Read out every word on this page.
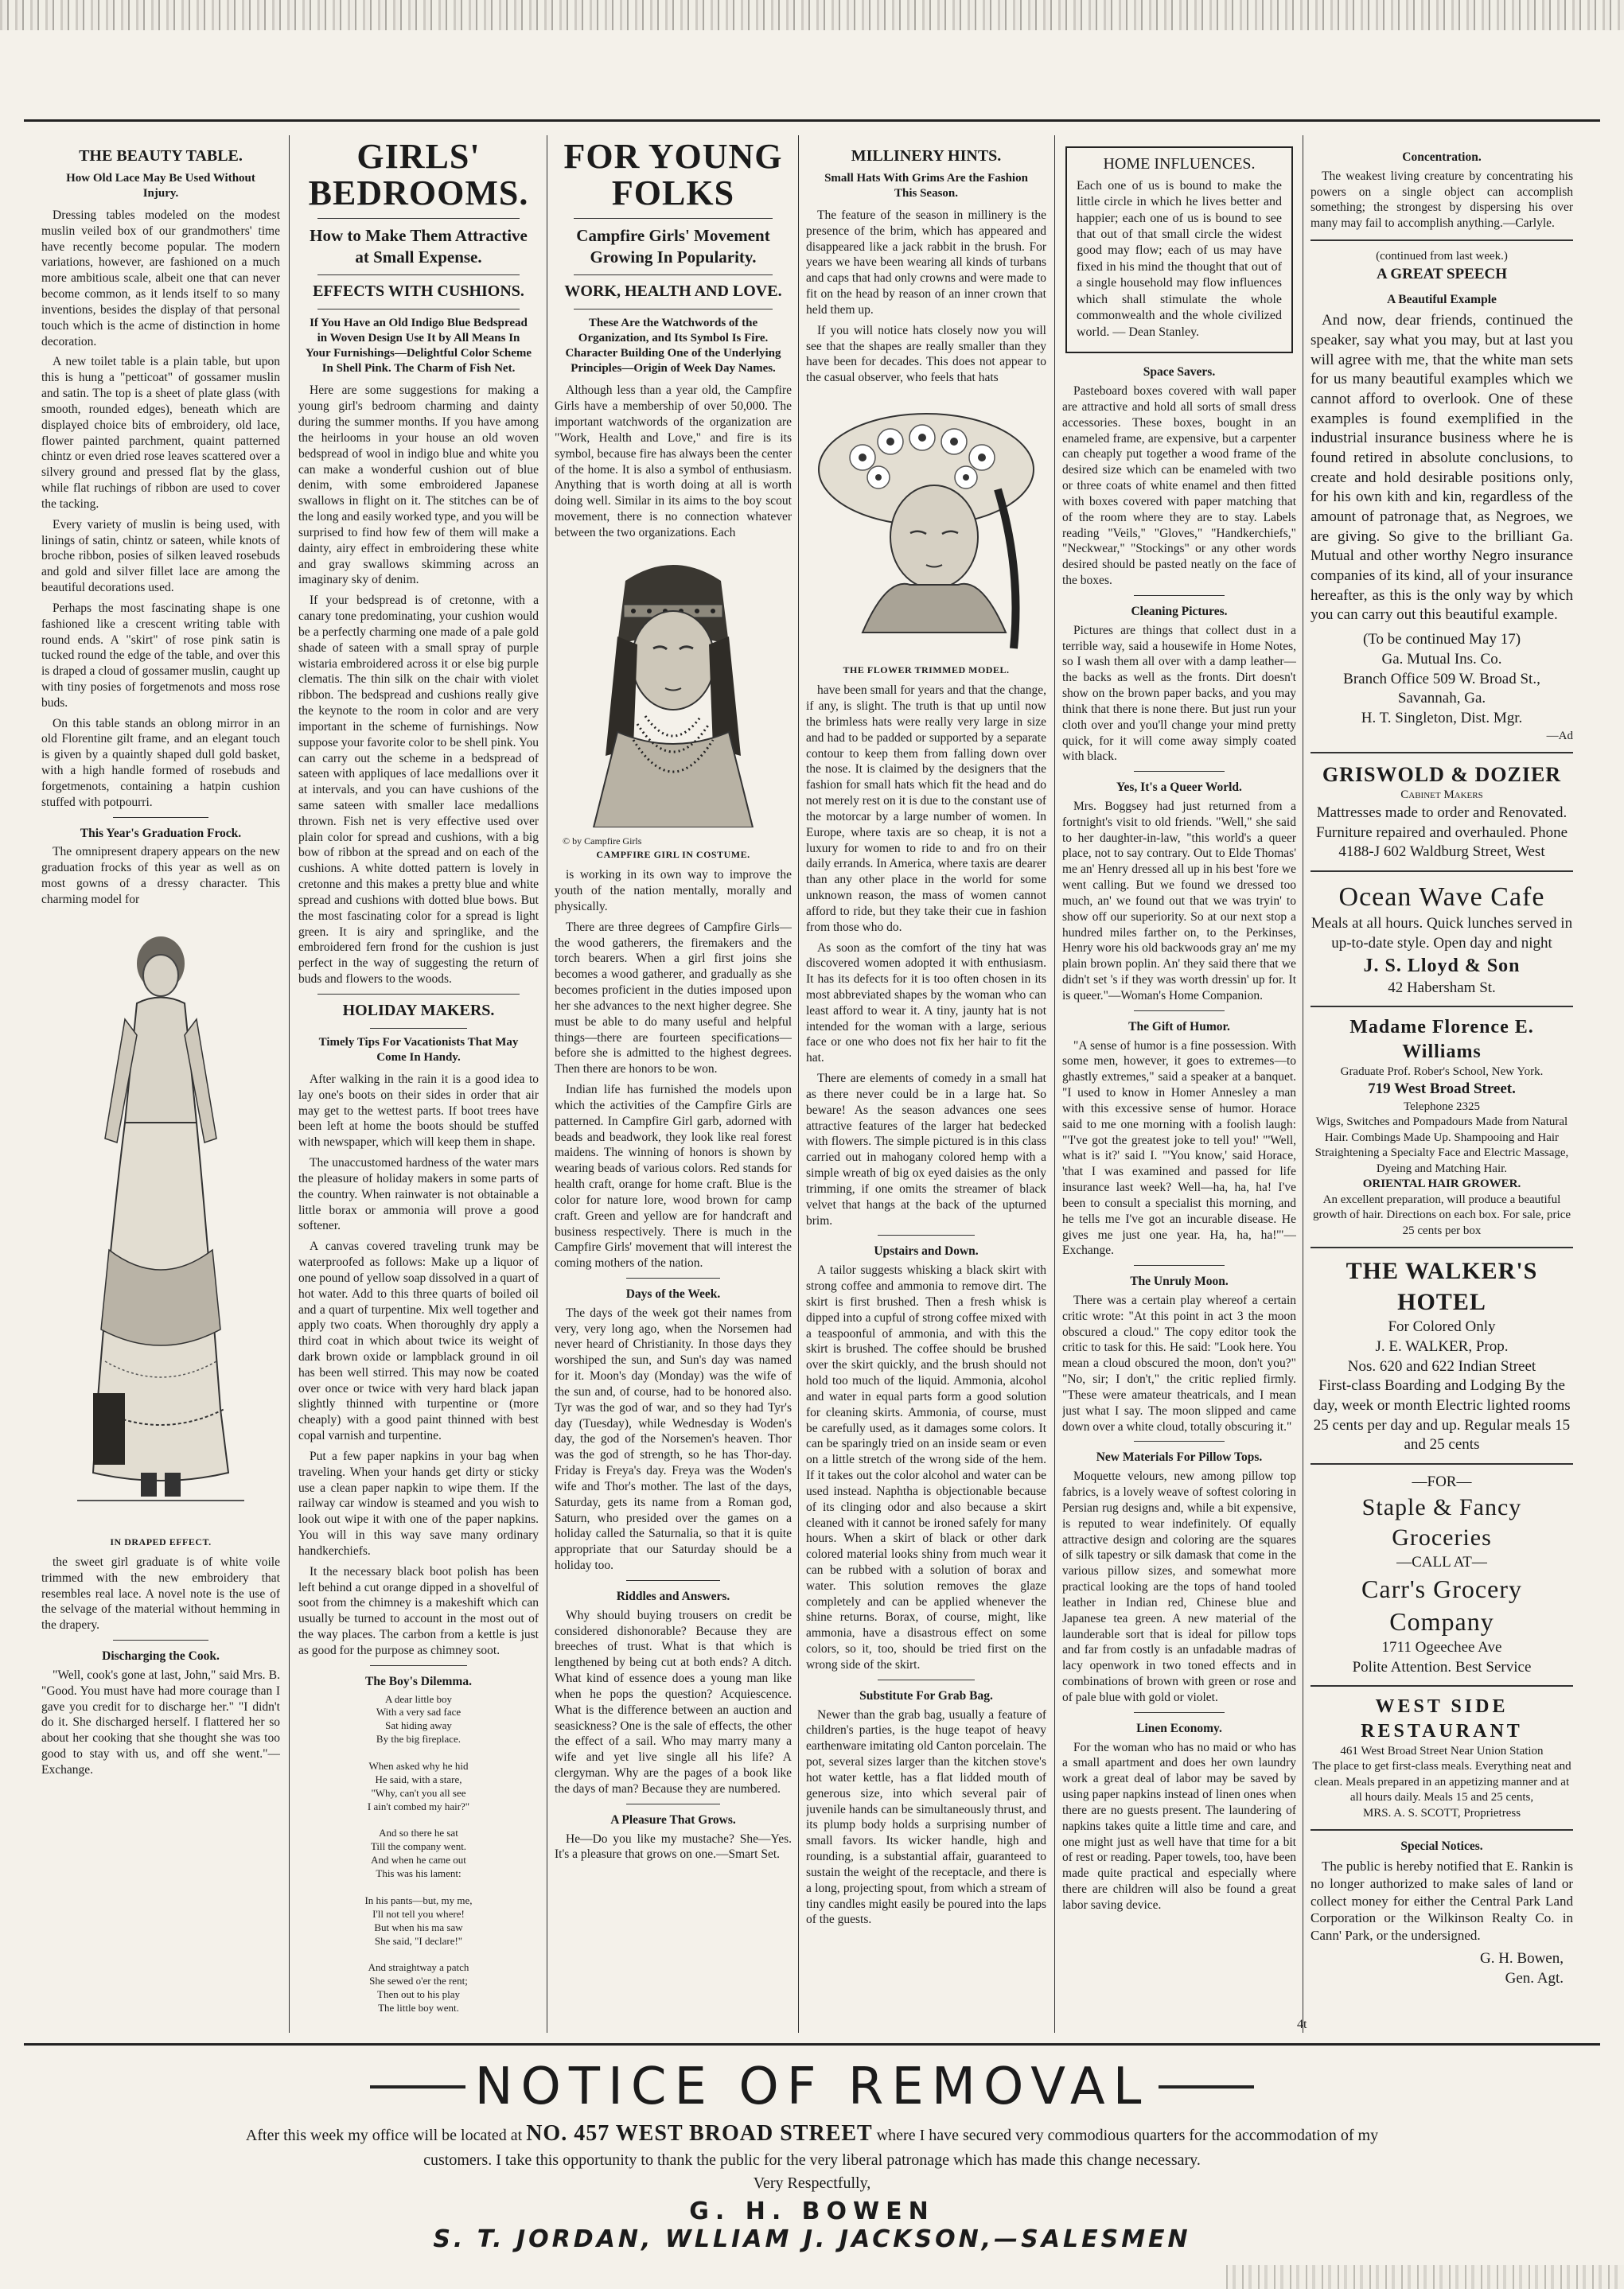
THE BEAUTY TABLE.
How Old Lace May Be Used Without Injury.

Dressing tables modeled on the modest muslin veiled box of our grandmothers' time have recently become popular. The modern variations, however, are fashioned on a much more ambitious scale, albeit one that can never become common, as it lends itself to so many inventions, besides the display of that personal touch which is the acme of distinction in home decoration.

A new toilet table is a plain table, but upon this is hung a "petticoat" of gossamer muslin and satin. The top is a sheet of plate glass (with smooth, rounded edges), beneath which are displayed choice bits of embroidery, old lace, flower painted parchment, quaint patterned chintz or even dried rose leaves scattered over a silvery ground and pressed flat by the glass, while flat ruchings of ribbon are used to cover the tacking.

Every variety of muslin is being used, with linings of satin, chintz or sateen, while knots of broche ribbon, posies of silken leaved rosebuds and gold and silver fillet lace are among the beautiful decorations used.

Perhaps the most fascinating shape is one fashioned like a crescent writing table with round ends. A "skirt" of rose pink satin is tucked round the edge of the table, and over this is draped a cloud of gossamer muslin, caught up with tiny posies of forgetmenots and moss rose buds.

On this table stands an oblong mirror in an old Florentine gilt frame, and an elegant touch is given by a quaintly shaped dull gold basket, with a high handle formed of rosebuds and forgetmenots, containing a hatpin cushion stuffed with potpourri.

This Year's Graduation Frock.

The omnipresent drapery appears on the new graduation frocks of this year as well as on most gowns of a dressy character. This charming model for

IN DRAPED EFFECT.

the sweet girl graduate is of white voile trimmed with the new embroidery that resembles real lace. A novel note is the use of the selvage of the material without hemming in the drapery.

Discharging the Cook.

"Well, cook's gone at last, John," said Mrs. B. "Good. You must have had more courage than I gave you credit for to discharge her." "I didn't do it. She discharged herself. I flattered her so about her cooking that she thought she was too good to stay with us, and off she went."—Exchange.

GIRLS' BEDROOMS.
How to Make Them Attractive at Small Expense.
EFFECTS WITH CUSHIONS.
If You Have an Old Indigo Blue Bedspread in Woven Design Use It by All Means In Your Furnishings—Delightful Color Scheme In Shell Pink. The Charm of Fish Net.

Here are some suggestions for making a young girl's bedroom charming and dainty during the summer months. If you have among the heirlooms in your house an old woven bedspread of wool in indigo blue and white you can make a wonderful cushion out of blue denim, with some embroidered Japanese swallows in flight on it. The stitches can be of the long and easily worked type, and you will be surprised to find how few of them will make a dainty, airy effect in embroidering these white and gray swallows skimming across an imaginary sky of denim.

If your bedspread is of cretonne, with a canary tone predominating, your cushion would be a perfectly charming one made of a pale gold shade of sateen with a small spray of purple wistaria embroidered across it or else big purple clematis. The thin silk on the chair with violet ribbon. The bedspread and cushions really give the keynote to the room in color and are very important in the scheme of furnishings. Now suppose your favorite color to be shell pink. You can carry out the scheme in a bedspread of sateen with appliques of lace medallions over it at intervals, and you can have cushions of the same sateen with smaller lace medallions thrown. Fish net is very effective used over plain color for spread and cushions, with a big bow of ribbon at the spread and on each of the cushions. A white dotted pattern is lovely in cretonne and this makes a pretty blue and white spread and cushions with dotted blue bows. But the most fascinating color for a spread is light green. It is airy and springlike, and the embroidered fern frond for the cushion is just perfect in the way of suggesting the return of buds and flowers to the woods.

HOLIDAY MAKERS.
Timely Tips For Vacationists That May Come In Handy.

After walking in the rain it is a good idea to lay one's boots on their sides in order that air may get to the wettest parts. If boot trees have been left at home the boots should be stuffed with newspaper, which will keep them in shape.

The unaccustomed hardness of the water mars the pleasure of holiday makers in some parts of the country. When rainwater is not obtainable a little borax or ammonia will prove a good softener.

A canvas covered traveling trunk may be waterproofed as follows: Make up a liquor of one pound of yellow soap dissolved in a quart of hot water. Add to this three quarts of boiled oil and a quart of turpentine. Mix well together and apply two coats. When thoroughly dry apply a third coat in which about twice its weight of dark brown oxide or lampblack ground in oil has been well stirred. This may now be coated over once or twice with very hard black japan slightly thinned with turpentine or (more cheaply) with a good paint thinned with best copal varnish and turpentine.

Put a few paper napkins in your bag when traveling. When your hands get dirty or sticky use a clean paper napkin to wipe them. If the railway car window is steamed and you wish to look out wipe it with one of the paper napkins. You will in this way save many ordinary handkerchiefs.

It the necessary black boot polish has been left behind a cut orange dipped in a shovelful of soot from the chimney is a makeshift which can usually be turned to account in the most out of the way places. The carbon from a kettle is just as good for the purpose as chimney soot.

The Boy's Dilemma.
A dear little boy
With a very sad face
Sat hiding away
By the big fireplace.

When asked why he hid
He said, with a stare,
"Why, can't you all see
I ain't combed my hair?"

And so there he sat
Till the company went.
And when he came out
This was his lament:

In his pants—but, my me,
I'll not tell you where!
But when his ma saw
She said, "I declare!"

And straightway a patch
She sewed o'er the rent;
Then out to his play
The little boy went.
FOR YOUNG FOLKS
Campfire Girls' Movement Growing In Popularity.
WORK, HEALTH AND LOVE.
These Are the Watchwords of the Organization, and Its Symbol Is Fire. Character Building One of the Underlying Principles—Origin of Week Day Names.

Although less than a year old, the Campfire Girls have a membership of over 50,000. The important watchwords of the organization are "Work, Health and Love," and fire is its symbol, because fire has always been the center of the home. It is also a symbol of enthusiasm. Anything that is worth doing at all is worth doing well. Similar in its aims to the boy scout movement, there is no connection whatever between the two organizations. Each

© by Campfire Girls
CAMPFIRE GIRL IN COSTUME.

is working in its own way to improve the youth of the nation mentally, morally and physically.

There are three degrees of Campfire Girls—the wood gatherers, the firemakers and the torch bearers. When a girl first joins she becomes a wood gatherer, and gradually as she becomes proficient in the duties imposed upon her she advances to the next higher degree. She must be able to do many useful and helpful things—there are fourteen specifications—before she is admitted to the highest degrees. Then there are honors to be won.

Indian life has furnished the models upon which the activities of the Campfire Girls are patterned. In Campfire Girl garb, adorned with beads and beadwork, they look like real forest maidens. The winning of honors is shown by wearing beads of various colors. Red stands for health craft, orange for home craft. Blue is the color for nature lore, wood brown for camp craft. Green and yellow are for handcraft and business respectively. There is much in the Campfire Girls' movement that will interest the coming mothers of the nation.

Days of the Week.

The days of the week got their names from very, very long ago, when the Norsemen had never heard of Christianity. In those days they worshiped the sun, and Sun's day was named for it. Moon's day (Monday) was the wife of the sun and, of course, had to be honored also. Tyr was the god of war, and so they had Tyr's day (Tuesday), while Wednesday is Woden's day, the god of the Norsemen's heaven. Thor was the god of strength, so he has Thor-day. Friday is Freya's day. Freya was the Woden's wife and Thor's mother. The last of the days, Saturday, gets its name from a Roman god, Saturn, who presided over the games on a holiday called the Saturnalia, so that it is quite appropriate that our Saturday should be a holiday too.

Riddles and Answers.

Why should buying trousers on credit be considered dishonorable? Because they are breeches of trust. What is that which is lengthened by being cut at both ends? A ditch. What kind of essence does a young man like when he pops the question? Acquiescence. What is the difference between an auction and seasickness? One is the sale of effects, the other the effect of a sail. Who may marry many a wife and yet live single all his life? A clergyman. Why are the pages of a book like the days of man? Because they are numbered.

A Pleasure That Grows.

He—Do you like my mustache? She—Yes. It's a pleasure that grows on one.—Smart Set.

MILLINERY HINTS.
Small Hats With Grims Are the Fashion This Season.

The feature of the season in millinery is the presence of the brim, which has appeared and disappeared like a jack rabbit in the brush. For years we have been wearing all kinds of turbans and caps that had only crowns and were made to fit on the head by reason of an inner crown that held them up.

If you will notice hats closely now you will see that the shapes are really smaller than they have been for decades. This does not appear to the casual observer, who feels that hats

THE FLOWER TRIMMED MODEL.

have been small for years and that the change, if any, is slight. The truth is that up until now the brimless hats were really very large in size and had to be padded or supported by a separate contour to keep them from falling down over the nose. It is claimed by the designers that the fashion for small hats which fit the head and do not merely rest on it is due to the constant use of the motorcar by a large number of women. In Europe, where taxis are so cheap, it is not a luxury for women to ride to and fro on their daily errands. In America, where taxis are dearer than any other place in the world for some unknown reason, the mass of women cannot afford to ride, but they take their cue in fashion from those who do.

As soon as the comfort of the tiny hat was discovered women adopted it with enthusiasm. It has its defects for it is too often chosen in its most abbreviated shapes by the woman who can least afford to wear it. A tiny, jaunty hat is not intended for the woman with a large, serious face or one who does not fix her hair to fit the hat.

There are elements of comedy in a small hat as there never could be in a large hat. So beware! As the season advances one sees attractive features of the larger hat bedecked with flowers. The simple pictured is in this class carried out in mahogany colored hemp with a simple wreath of big ox eyed daisies as the only trimming, if one omits the streamer of black velvet that hangs at the back of the upturned brim.

Upstairs and Down.

A tailor suggests whisking a black skirt with strong coffee and ammonia to remove dirt. The skirt is first brushed. Then a fresh whisk is dipped into a cupful of strong coffee mixed with a teaspoonful of ammonia, and with this the skirt is brushed. The coffee should be brushed over the skirt quickly, and the brush should not hold too much of the liquid. Ammonia, alcohol and water in equal parts form a good solution for cleaning skirts. Ammonia, of course, must be carefully used, as it damages some colors. It can be sparingly tried on an inside seam or even on a little stretch of the wrong side of the hem. If it takes out the color alcohol and water can be used instead. Naphtha is objectionable because of its clinging odor and also because a skirt cleaned with it cannot be ironed safely for many hours. When a skirt of black or other dark colored material looks shiny from much wear it can be rubbed with a solution of borax and water. This solution removes the glaze completely and can be applied whenever the shine returns. Borax, of course, might, like ammonia, have a disastrous effect on some colors, so it, too, should be tried first on the wrong side of the skirt.

Substitute For Grab Bag.

Newer than the grab bag, usually a feature of children's parties, is the huge teapot of heavy earthenware imitating old Canton porcelain. The pot, several sizes larger than the kitchen stove's hot water kettle, has a flat lidded mouth of generous size, into which several pair of juvenile hands can be simultaneously thrust, and its plump body holds a surprising number of small favors. Its wicker handle, high and rounding, is a substantial affair, guaranteed to sustain the weight of the receptacle, and there is a long, projecting spout, from which a stream of tiny candles might easily be poured into the laps of the guests.

HOME INFLUENCES.

Each one of us is bound to make the little circle in which he lives better and happier; each one of us is bound to see that out of that small circle the widest good may flow; each of us may have fixed in his mind the thought that out of a single household may flow influences which shall stimulate the whole commonwealth and the whole civilized world. — Dean Stanley.

Space Savers.

Pasteboard boxes covered with wall paper are attractive and hold all sorts of small dress accessories. These boxes, bought in an enameled frame, are expensive, but a carpenter can cheaply put together a wood frame of the desired size which can be enameled with two or three coats of white enamel and then fitted with boxes covered with paper matching that of the room where they are to stay. Labels reading "Veils," "Gloves," "Handkerchiefs," "Neckwear," "Stockings" or any other words desired should be pasted neatly on the face of the boxes.

Cleaning Pictures.

Pictures are things that collect dust in a terrible way, said a housewife in Home Notes, so I wash them all over with a damp leather—the backs as well as the fronts. Dirt doesn't show on the brown paper backs, and you may think that there is none there. But just run your cloth over and you'll change your mind pretty quick, for it will come away simply coated with black.

Yes, It's a Queer World.

Mrs. Boggsey had just returned from a fortnight's visit to old friends. "Well," she said to her daughter-in-law, "this world's a queer place, not to say contrary. Out to Elde Thomas' me an' Henry dressed all up in his best 'fore we went calling. But we found we dressed too much, an' we found out that we was tryin' to show off our superiority. So at our next stop a hundred miles farther on, to the Perkinses, Henry wore his old backwoods gray an' me my plain brown poplin. An' they said there that we didn't set 's if they was worth dressin' up for. It is queer."—Woman's Home Companion.

The Gift of Humor.

"A sense of humor is a fine possession. With some men, however, it goes to extremes—to ghastly extremes," said a speaker at a banquet. "I used to know in Homer Annesley a man with this excessive sense of humor. Horace said to me one morning with a foolish laugh: "'I've got the greatest joke to tell you!' "'Well, what is it?' said I. "'You know,' said Horace, 'that I was examined and passed for life insurance last week? Well—ha, ha, ha! I've been to consult a specialist this morning, and he tells me I've got an incurable disease. He gives me just one year. Ha, ha, ha!'"—Exchange.

The Unruly Moon.

There was a certain play whereof a certain critic wrote: "At this point in act 3 the moon obscured a cloud." The copy editor took the critic to task for this. He said: "Look here. You mean a cloud obscured the moon, don't you?" "No, sir; I don't," the critic replied firmly. "These were amateur theatricals, and I mean just what I say. The moon slipped and came down over a white cloud, totally obscuring it."

New Materials For Pillow Tops.

Moquette velours, new among pillow top fabrics, is a lovely weave of softest coloring in Persian rug designs and, while a bit expensive, is reputed to wear indefinitely. Of equally attractive design and coloring are the squares of silk tapestry or silk damask that come in the various pillow sizes, and somewhat more practical looking are the tops of hand tooled leather in Indian red, Chinese blue and Japanese tea green. A new material of the launderable sort that is ideal for pillow tops and far from costly is an unfadable madras of lacy openwork in two toned effects and in combinations of brown with green or rose and of pale blue with gold or violet.

Linen Economy.

For the woman who has no maid or who has a small apartment and does her own laundry work a great deal of labor may be saved by using paper napkins instead of linen ones when there are no guests present. The laundering of napkins takes quite a little time and care, and one might just as well have that time for a bit of rest or reading. Paper towels, too, have been made quite practical and especially where there are children will also be found a great labor saving device.

Concentration.

The weakest living creature by concentrating his powers on a single object can accomplish something; the strongest by dispersing his over many may fail to accomplish anything.—Carlyle.

(continued from last week.)
A GREAT SPEECH
A Beautiful Example

And now, dear friends, continued the speaker, say what you may, but at last you will agree with me, that the white man sets for us many beautiful examples which we cannot afford to overlook. One of these examples is found exemplified in the industrial insurance business where he is found retired in absolute conclusions, to create and hold desirable positions only, for his own kith and kin, regardless of the amount of patronage that, as Negroes, we are giving. So give to the brilliant Ga. Mutual and other worthy Negro insurance companies of its kind, all of your insurance hereafter, as this is the only way by which you can carry out this beautiful example.

(To be continued May 17)
Ga. Mutual Ins. Co.
Branch Office 509 W. Broad St., Savannah, Ga.
H. T. Singleton, Dist. Mgr.
—Ad
GRISWOLD & DOZIER
Cabinet Makers
Mattresses made to order and Renovated. Furniture repaired and overhauled. Phone 4188-J 602 Waldburg Street, West
Ocean Wave Cafe
Meals at all hours. Quick lunches served in up-to-date style. Open day and night
J. S. Lloyd & Son
42 Habersham St.
Madame Florence E. Williams
Graduate Prof. Rober's School, New York.
719 West Broad Street.
Telephone 2325
Wigs, Switches and Pompadours Made from Natural Hair. Combings Made Up. Shampooing and Hair Straightening a Specialty Face and Electric Massage, Dyeing and Matching Hair.
ORIENTAL HAIR GROWER.
An excellent preparation, will produce a beautiful growth of hair. Directions on each box. For sale, price 25 cents per box
THE WALKER'S HOTEL
For Colored Only
J. E. WALKER, Prop.
Nos. 620 and 622 Indian Street
First-class Boarding and Lodging By the day, week or month Electric lighted rooms 25 cents per day and up. Regular meals 15 and 25 cents
—FOR—
Staple & Fancy Groceries
—CALL AT—
Carr's Grocery Company
1711 Ogeechee Ave
Polite Attention. Best Service
WEST SIDE RESTAURANT
461 West Broad Street Near Union Station
The place to get first-class meals. Everything neat and clean. Meals prepared in an appetizing manner and at all hours daily. Meals 15 and 25 cents,
MRS. A. S. SCOTT, Proprietress
Special Notices.

The public is hereby notified that E. Rankin is no longer authorized to make sales of land or collect money for either the Central Park Land Corporation or the Wilkinson Realty Co. in Cann' Park, or the undersigned.

G. H. Bowen,
Gen. Agt.
4t
NOTICE OF REMOVAL
After this week my office will be located at NO. 457 WEST BROAD STREET where I have secured very commodious quarters for the accommodation of my
customers. I take this opportunity to thank the public for the very liberal patronage which has made this change necessary.
Very Respectfully,
G. H. BOWEN
S. T. JORDAN, WLLIAM J. JACKSON,—SALESMEN
